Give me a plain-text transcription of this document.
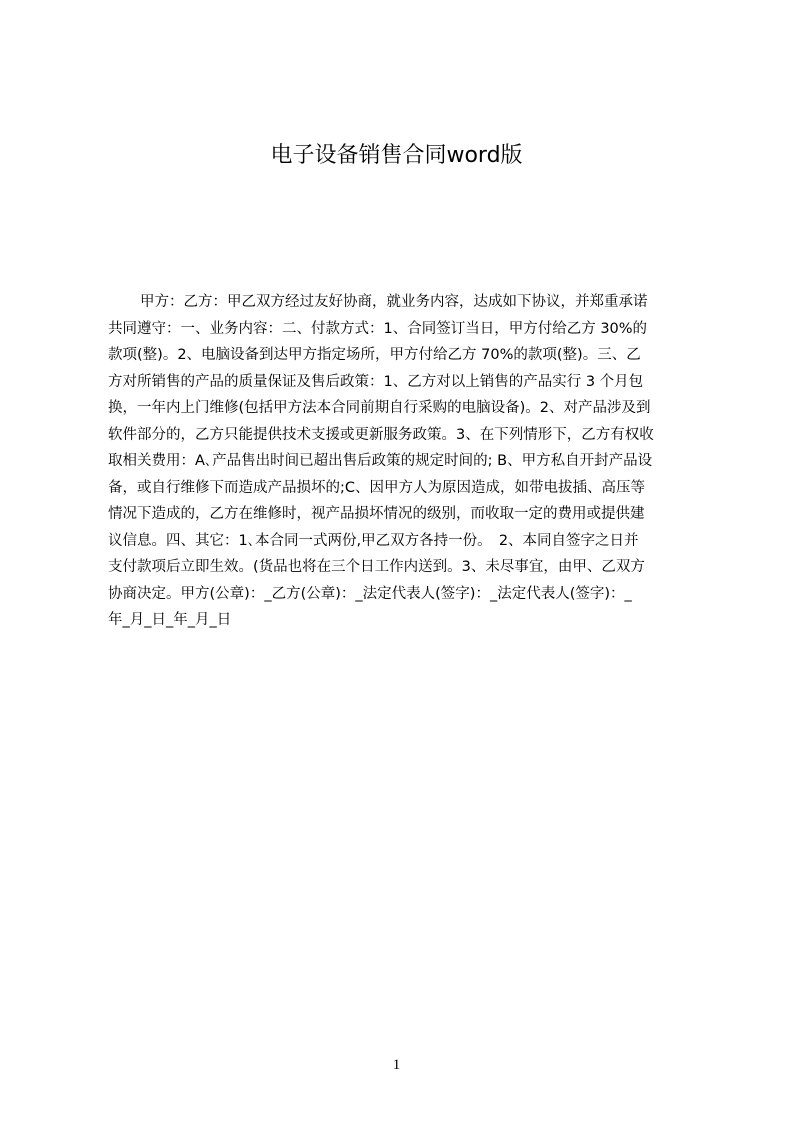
电子设备销售合同word版
甲方：乙方：甲乙双方经过友好协商，就业务内容，达成如下协议，并郑重承诺
共同遵守：一、业务内容：二、付款方式：1、合同签订当日，甲方付给乙方 30%的
款项(整)。2、电脑设备到达甲方指定场所，甲方付给乙方 70%的款项(整)。三、乙
方对所销售的产品的质量保证及售后政策：1、乙方对以上销售的产品实行 3 个月包
换，一年内上门维修(包括甲方法本合同前期自行采购的电脑设备)。2、对产品涉及到
软件部分的，乙方只能提供技术支援或更新服务政策。3、在下列情形下，乙方有权收
取相关费用：A､产品售出时间已超出售后政策的规定时间的; B、甲方私自开封产品设
备，或自行维修下而造成产品损坏的;C、因甲方人为原因造成，如带电拔插、高压等
情况下造成的，乙方在维修时，视产品损坏情况的级别，而收取一定的费用或提供建
议信息。四、其它：1､本合同一式两份,甲乙双方各持一份。　2、本同自签字之日并
支付款项后立即生效。(货品也将在三个日工作内送到。3、未尽事宜，由甲、乙双方
协商决定。甲方(公章)：_乙方(公章)：_法定代表人(签字)：_法定代表人(签字)：_
年_月_日_年_月_日
1
